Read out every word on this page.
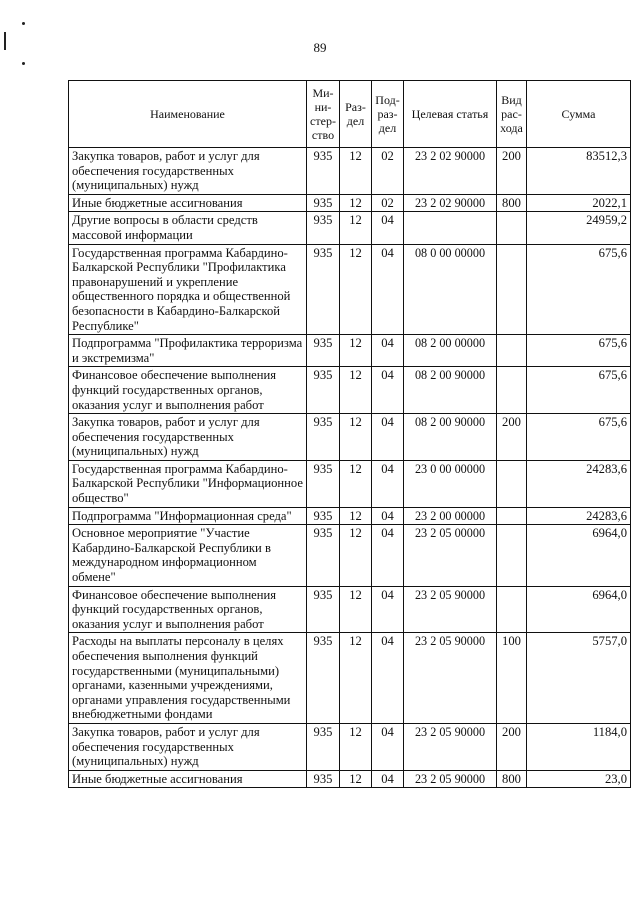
89
Наименование	Ми-ни-стер-ство	Раз-дел	Под-раз-дел	Целевая статья	Вид рас-хода	Сумма
Закупка товаров, работ и услуг для обеспечения государственных (муниципальных) нужд	935	12	02	23 2 02 90000	200	83512,3
Иные бюджетные ассигнования	935	12	02	23 2 02 90000	800	2022,1
Другие вопросы в области средств массовой информации	935	12	04			24959,2
Государственная программа Кабардино-Балкарской Республики "Профилактика правонарушений и укрепление общественного порядка и общественной безопасности в Кабардино-Балкарской Республике"	935	12	04	08 0 00 00000		675,6
Подпрограмма "Профилактика терроризма и экстремизма"	935	12	04	08 2 00 00000		675,6
Финансовое обеспечение выполнения функций государственных органов, оказания услуг и выполнения работ	935	12	04	08 2 00 90000		675,6
Закупка товаров, работ и услуг для обеспечения государственных (муниципальных) нужд	935	12	04	08 2 00 90000	200	675,6
Государственная программа Кабардино-Балкарской Республики "Информационное общество"	935	12	04	23 0 00 00000		24283,6
Подпрограмма "Информационная среда"	935	12	04	23 2 00 00000		24283,6
Основное мероприятие "Участие Кабардино-Балкарской Республики в международном информационном обмене"	935	12	04	23 2 05 00000		6964,0
Финансовое обеспечение выполнения функций государственных органов, оказания услуг и выполнения работ	935	12	04	23 2 05 90000		6964,0
Расходы на выплаты персоналу в целях обеспечения выполнения функций государственными (муниципальными) органами, казенными учреждениями, органами управления государственными внебюджетными фондами	935	12	04	23 2 05 90000	100	5757,0
Закупка товаров, работ и услуг для обеспечения государственных (муниципальных) нужд	935	12	04	23 2 05 90000	200	1184,0
Иные бюджетные ассигнования	935	12	04	23 2 05 90000	800	23,0
